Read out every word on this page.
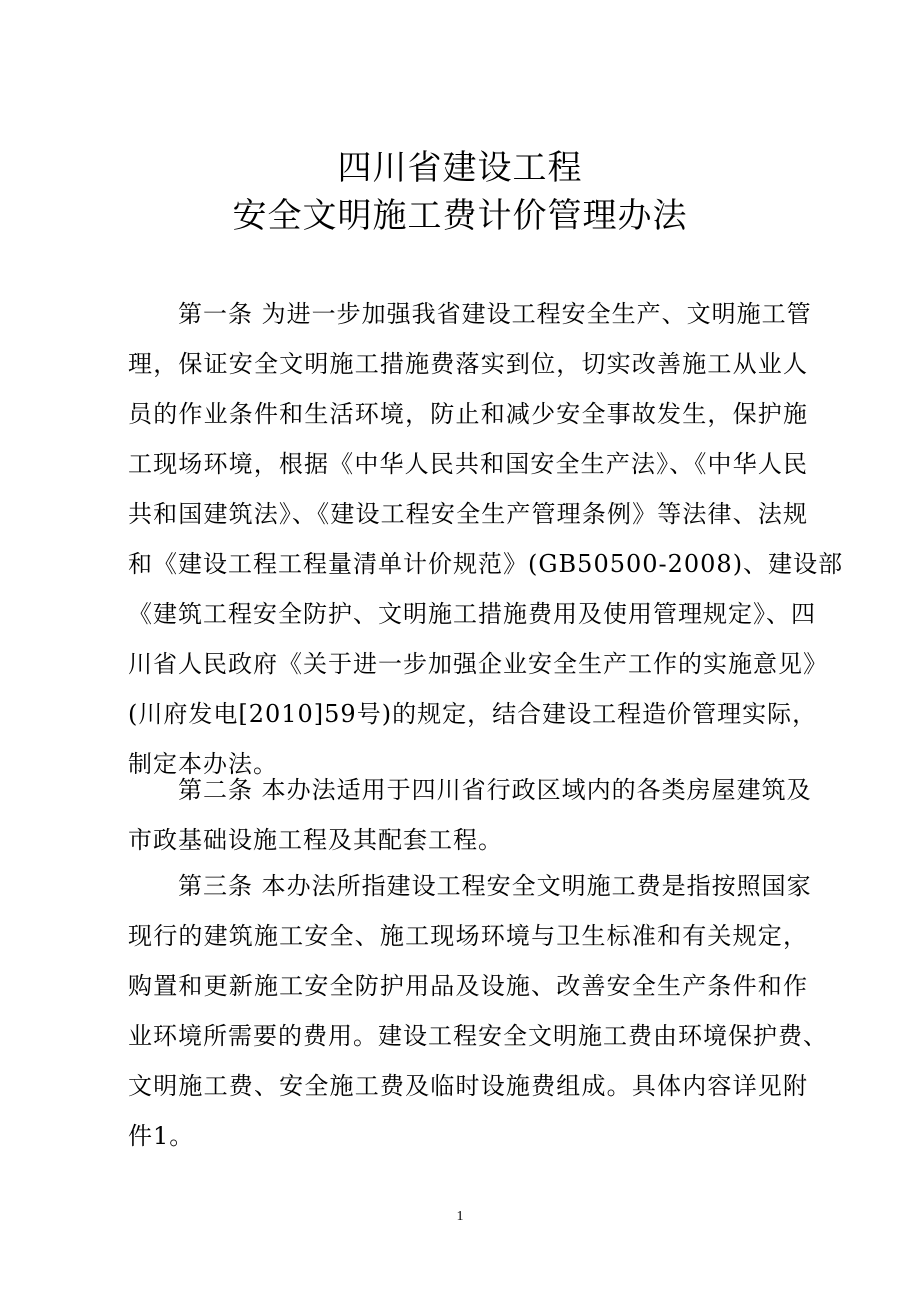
四川省建设工程
安全文明施工费计价管理办法
第一条 为进一步加强我省建设工程安全生产、文明施工管
理，保证安全文明施工措施费落实到位，切实改善施工从业人
员的作业条件和生活环境，防止和减少安全事故发生，保护施
工现场环境，根据《中华人民共和国安全生产法》、《中华人民
共和国建筑法》、《建设工程安全生产管理条例》等法律、法规
和《建设工程工程量清单计价规范》(GB50500-2008)、建设部
《建筑工程安全防护、文明施工措施费用及使用管理规定》、四
川省人民政府《关于进一步加强企业安全生产工作的实施意见》
(川府发电[2010]59号)的规定，结合建设工程造价管理实际，
制定本办法。
第二条 本办法适用于四川省行政区域内的各类房屋建筑及
市政基础设施工程及其配套工程。
第三条 本办法所指建设工程安全文明施工费是指按照国家
现行的建筑施工安全、施工现场环境与卫生标准和有关规定，
购置和更新施工安全防护用品及设施、改善安全生产条件和作
业环境所需要的费用。建设工程安全文明施工费由环境保护费、
文明施工费、安全施工费及临时设施费组成。具体内容详见附
件1。
1
